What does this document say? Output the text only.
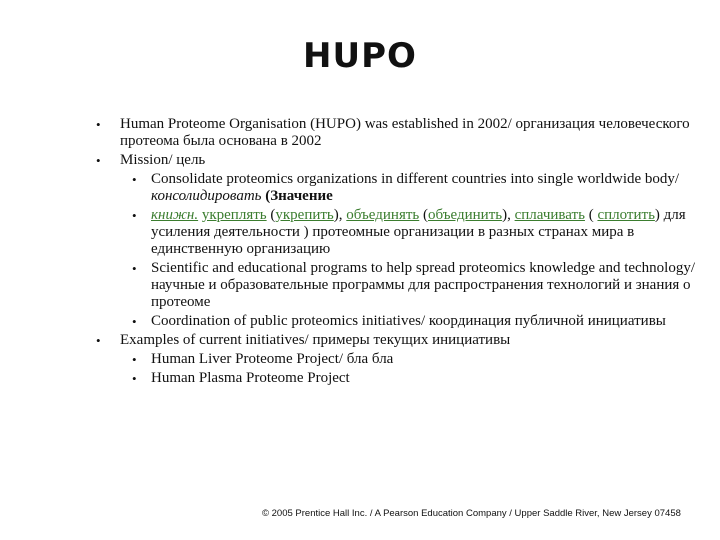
HUPO
• Human Proteome Organisation (HUPO) was established in 2002/ организация человеческого протеома была основана в 2002
• Mission/ цель
• Consolidate proteomics organizations in different countries into single worldwide body/ консолидировать (Значение
• книжн. укреплять (укрепить), объединять (объединить), сплачивать ( сплотить) для усиления деятельности ) протеомные организации в разных странах мира в единственную организацию
• Scientific and educational programs to help spread proteomics knowledge and technology/ научные и образовательные программы для распространения технологий и знания о протеоме
• Coordination of public proteomics initiatives/ координация публичной инициативы
• Examples of current initiatives/ примеры текущих инициативы
• Human Liver Proteome Project/ бла бла
• Human Plasma Proteome Project
© 2005 Prentice Hall Inc. / A Pearson Education Company / Upper Saddle River, New Jersey 07458
